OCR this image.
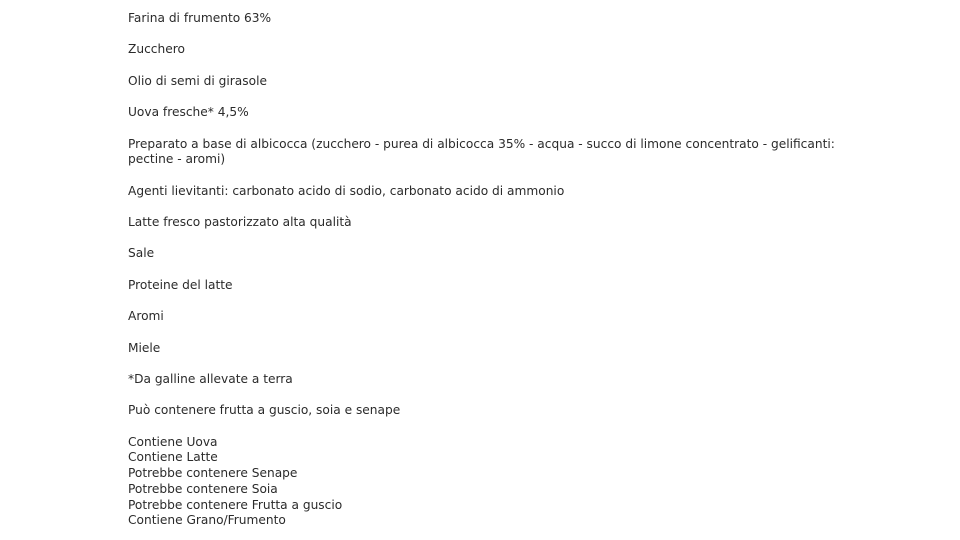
Farina di frumento 63%

Zucchero

Olio di semi di girasole

Uova fresche* 4,5%

Preparato a base di albicocca (zucchero - purea di albicocca 35% - acqua - succo di limone concentrato - gelificanti: pectine - aromi)

Agenti lievitanti: carbonato acido di sodio, carbonato acido di ammonio

Latte fresco pastorizzato alta qualità

Sale

Proteine del latte

Aromi

Miele

*Da galline allevate a terra

Può contenere frutta a guscio, soia e senape

Contiene Uova
Contiene Latte
Potrebbe contenere Senape
Potrebbe contenere Soia
Potrebbe contenere Frutta a guscio
Contiene Grano/Frumento
